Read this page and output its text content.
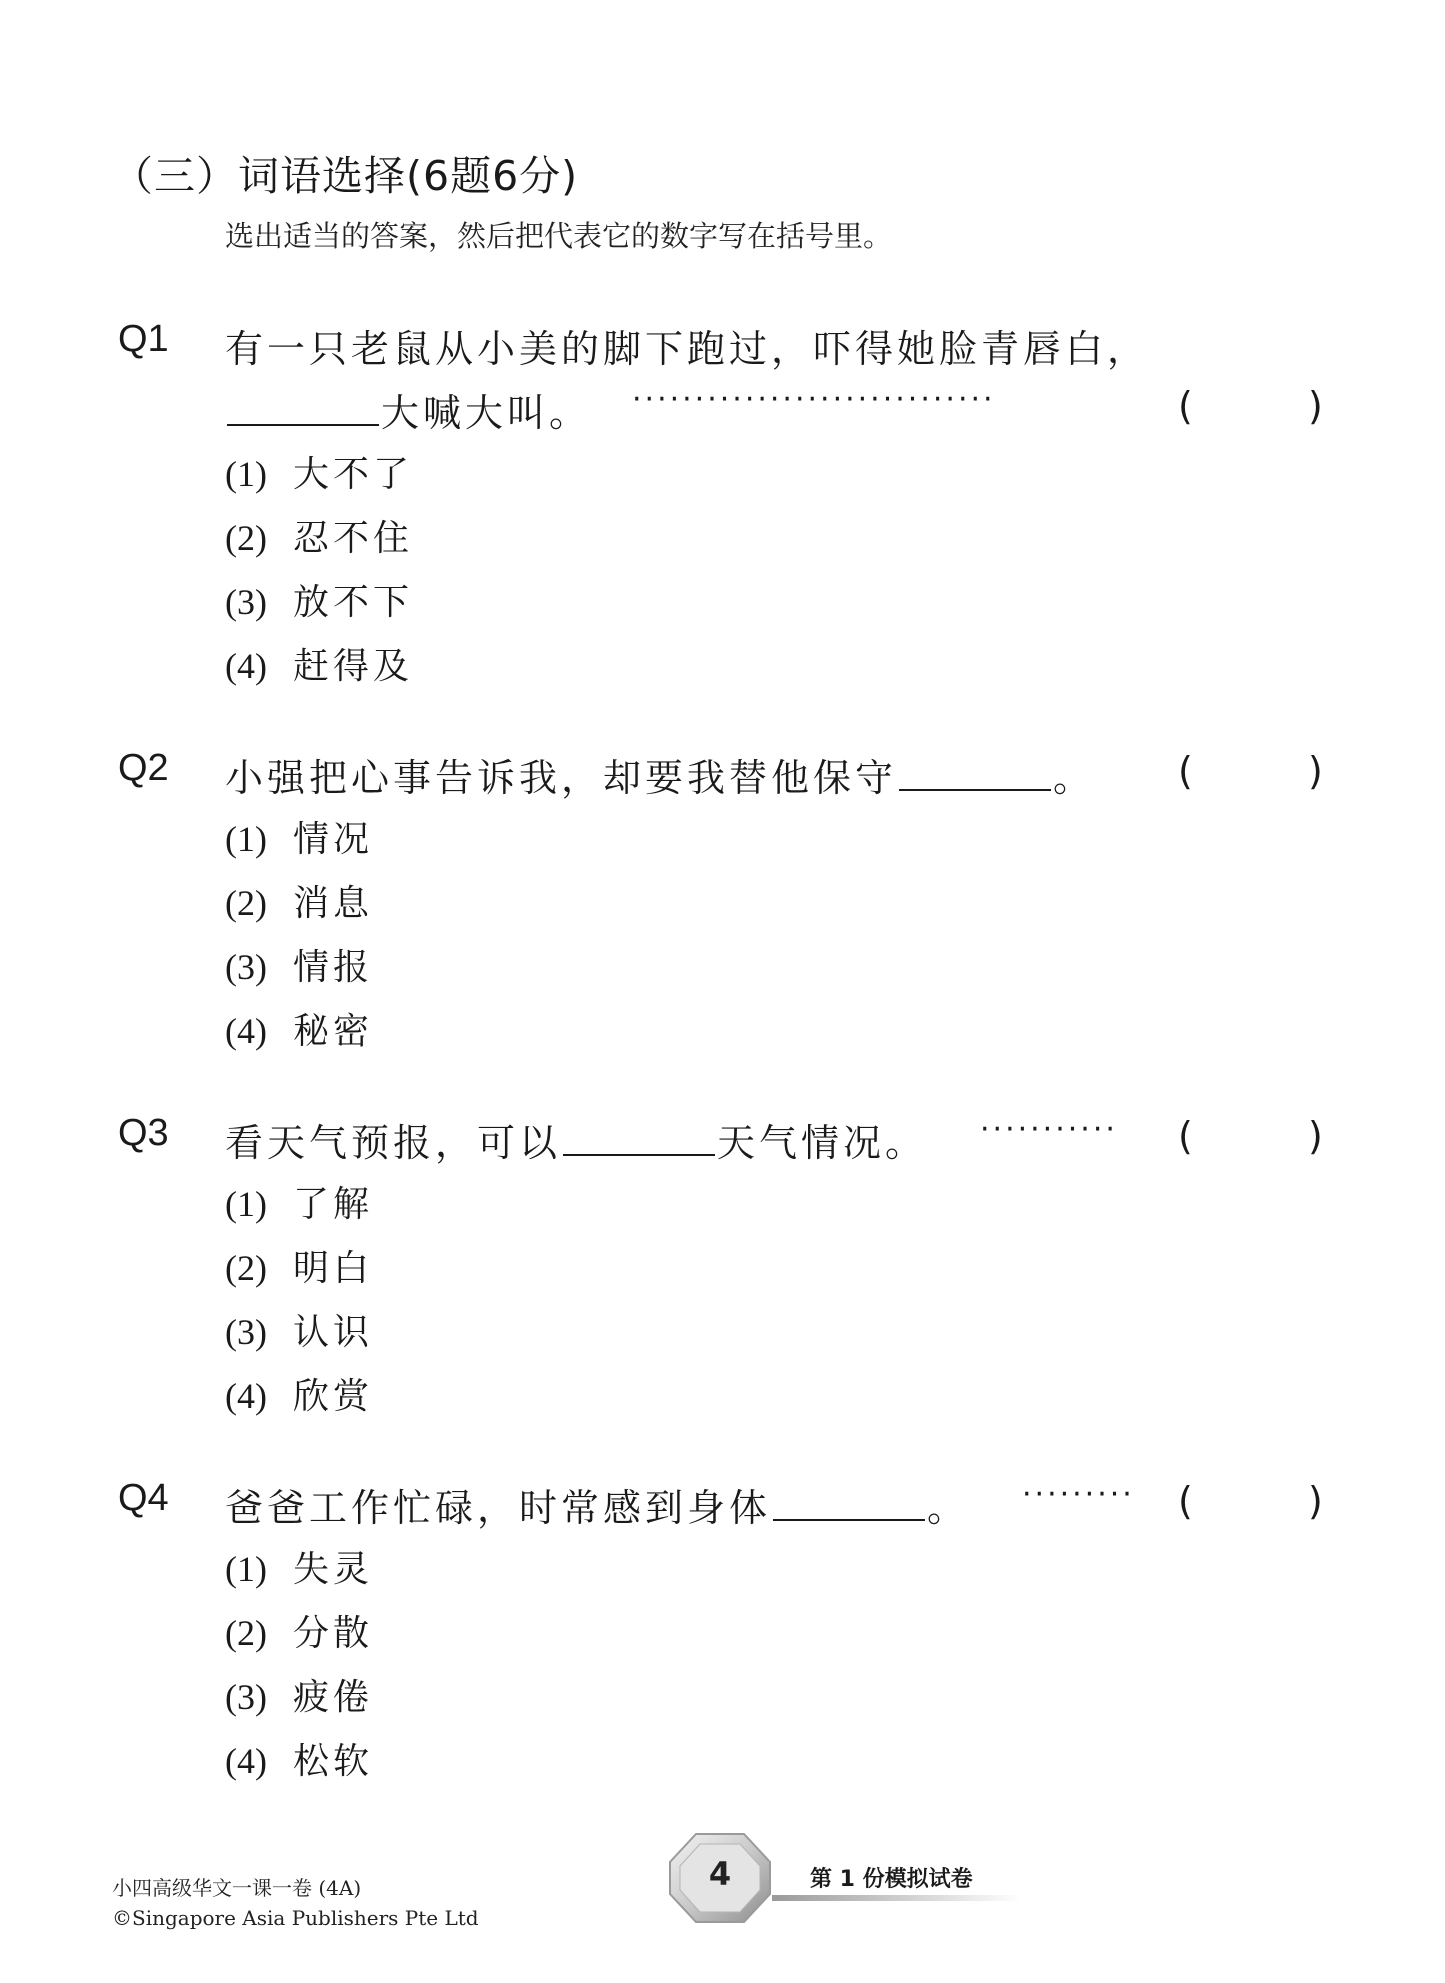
（三）词语选择(6题6分)
选出适当的答案，然后把代表它的数字写在括号里。
Q1 有一只老鼠从小美的脚下跑过，吓得她脸青唇白，
大喊大叫。 ·····························	(	)
(1) 大不了
(2) 忍不住
(3) 放不下
(4) 赶得及
Q2 小强把心事告诉我，却要我替他保守	。 (	)
(1) 情况
(2) 消息
(3) 情报
(4) 秘密
Q3 看天气预报，可以	天气情况。 ··········· (	)
(1) 了解
(2) 明白
(3) 认识
(4) 欣赏
Q4 爸爸工作忙碌，时常感到身体	。 ········· (	)
(1) 失灵
(2) 分散
(3) 疲倦
(4) 松软
小四高级华文一课一卷 (4A)
©Singapore Asia Publishers Pte Ltd
4	第 1 份模拟试卷
